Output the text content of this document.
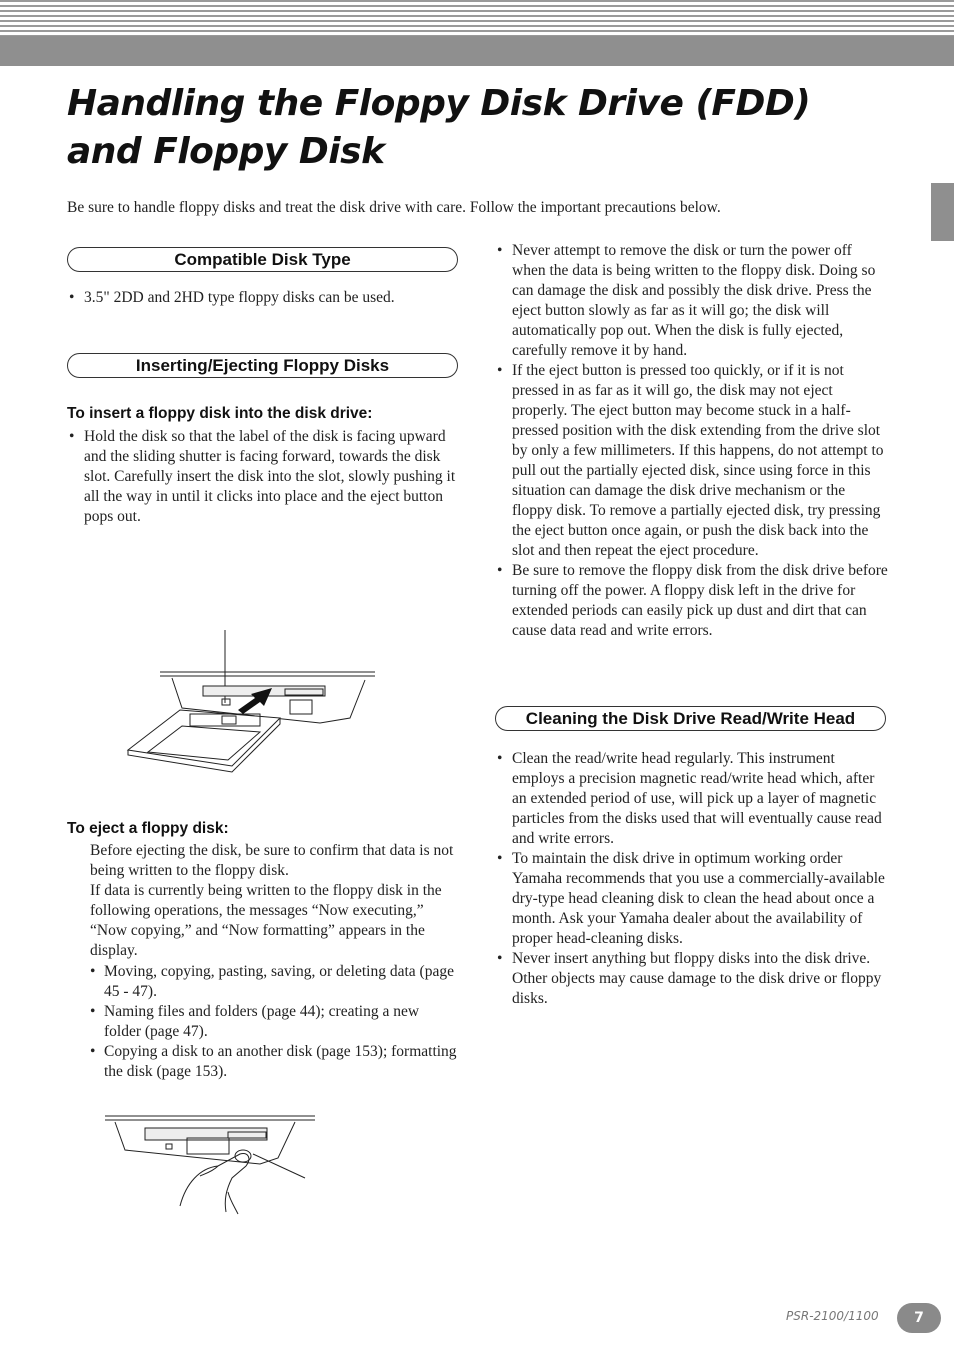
Handling the Floppy Disk Drive (FDD) and Floppy Disk
Be sure to handle floppy disks and treat the disk drive with care. Follow the important precautions below.
Compatible Disk Type
• 3.5" 2DD and 2HD type floppy disks can be used.
Inserting/Ejecting Floppy Disks
To insert a floppy disk into the disk drive:
• Hold the disk so that the label of the disk is facing upward and the sliding shutter is facing forward, towards the disk slot. Carefully insert the disk into the slot, slowly pushing it all the way in until it clicks into place and the eject button pops out.
To eject a floppy disk:

Before ejecting the disk, be sure to confirm that data is not being written to the floppy disk.

If data is currently being written to the floppy disk in the following operations, the messages “Now executing,” “Now copying,” and “Now formatting” appears in the display.

• Moving, copying, pasting, saving, or deleting data (page 45 - 47).
• Naming files and folders (page 44); creating a new folder (page 47).
• Copying a disk to an another disk (page 153); formatting the disk (page 153).
• Never attempt to remove the disk or turn the power off when the data is being written to the floppy disk. Doing so can damage the disk and possibly the disk drive. Press the eject button slowly as far as it will go; the disk will automatically pop out. When the disk is fully ejected, carefully remove it by hand.
• If the eject button is pressed too quickly, or if it is not pressed in as far as it will go, the disk may not eject properly. The eject button may become stuck in a half-pressed position with the disk extending from the drive slot by only a few millimeters. If this happens, do not attempt to pull out the partially ejected disk, since using force in this situation can damage the disk drive mechanism or the floppy disk. To remove a partially ejected disk, try pressing the eject button once again, or push the disk back into the slot and then repeat the eject procedure.
• Be sure to remove the floppy disk from the disk drive before turning off the power. A floppy disk left in the drive for extended periods can easily pick up dust and dirt that can cause data read and write errors.
Cleaning the Disk Drive Read/Write Head
• Clean the read/write head regularly. This instrument employs a precision magnetic read/write head which, after an extended period of use, will pick up a layer of magnetic particles from the disks used that will eventually cause read and write errors.
• To maintain the disk drive in optimum working order Yamaha recommends that you use a commercially-available dry-type head cleaning disk to clean the head about once a month. Ask your Yamaha dealer about the availability of proper head-cleaning disks.
• Never insert anything but floppy disks into the disk drive. Other objects may cause damage to the disk drive or floppy disks.
PSR-2100/1100	7
